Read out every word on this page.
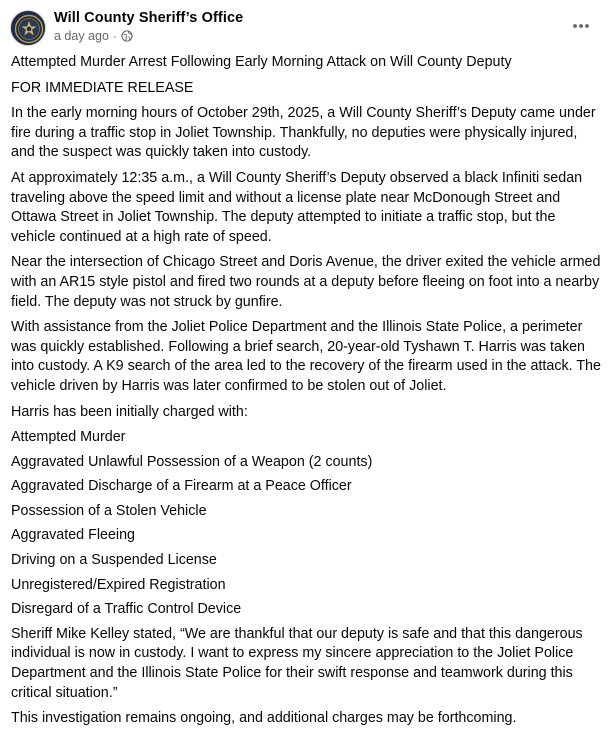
Will County Sheriff’s Office
a day ago ·

Attempted Murder Arrest Following Early Morning Attack on Will County Deputy

FOR IMMEDIATE RELEASE

In the early morning hours of October 29th, 2025, a Will County Sheriff’s Deputy came under fire during a traffic stop in Joliet Township. Thankfully, no deputies were physically injured, and the suspect was quickly taken into custody.

At approximately 12:35 a.m., a Will County Sheriff’s Deputy observed a black Infiniti sedan traveling above the speed limit and without a license plate near McDonough Street and Ottawa Street in Joliet Township. The deputy attempted to initiate a traffic stop, but the vehicle continued at a high rate of speed.

Near the intersection of Chicago Street and Doris Avenue, the driver exited the vehicle armed with an AR15 style pistol and fired two rounds at a deputy before fleeing on foot into a nearby field. The deputy was not struck by gunfire.

With assistance from the Joliet Police Department and the Illinois State Police, a perimeter was quickly established. Following a brief search, 20-year-old Tyshawn T. Harris was taken into custody. A K9 search of the area led to the recovery of the firearm used in the attack. The vehicle driven by Harris was later confirmed to be stolen out of Joliet.

Harris has been initially charged with:

Attempted Murder

Aggravated Unlawful Possession of a Weapon (2 counts)

Aggravated Discharge of a Firearm at a Peace Officer

Possession of a Stolen Vehicle

Aggravated Fleeing

Driving on a Suspended License

Unregistered/Expired Registration

Disregard of a Traffic Control Device

Sheriff Mike Kelley stated, “We are thankful that our deputy is safe and that this dangerous individual is now in custody. I want to express my sincere appreciation to the Joliet Police Department and the Illinois State Police for their swift response and teamwork during this critical situation.”

This investigation remains ongoing, and additional charges may be forthcoming.
